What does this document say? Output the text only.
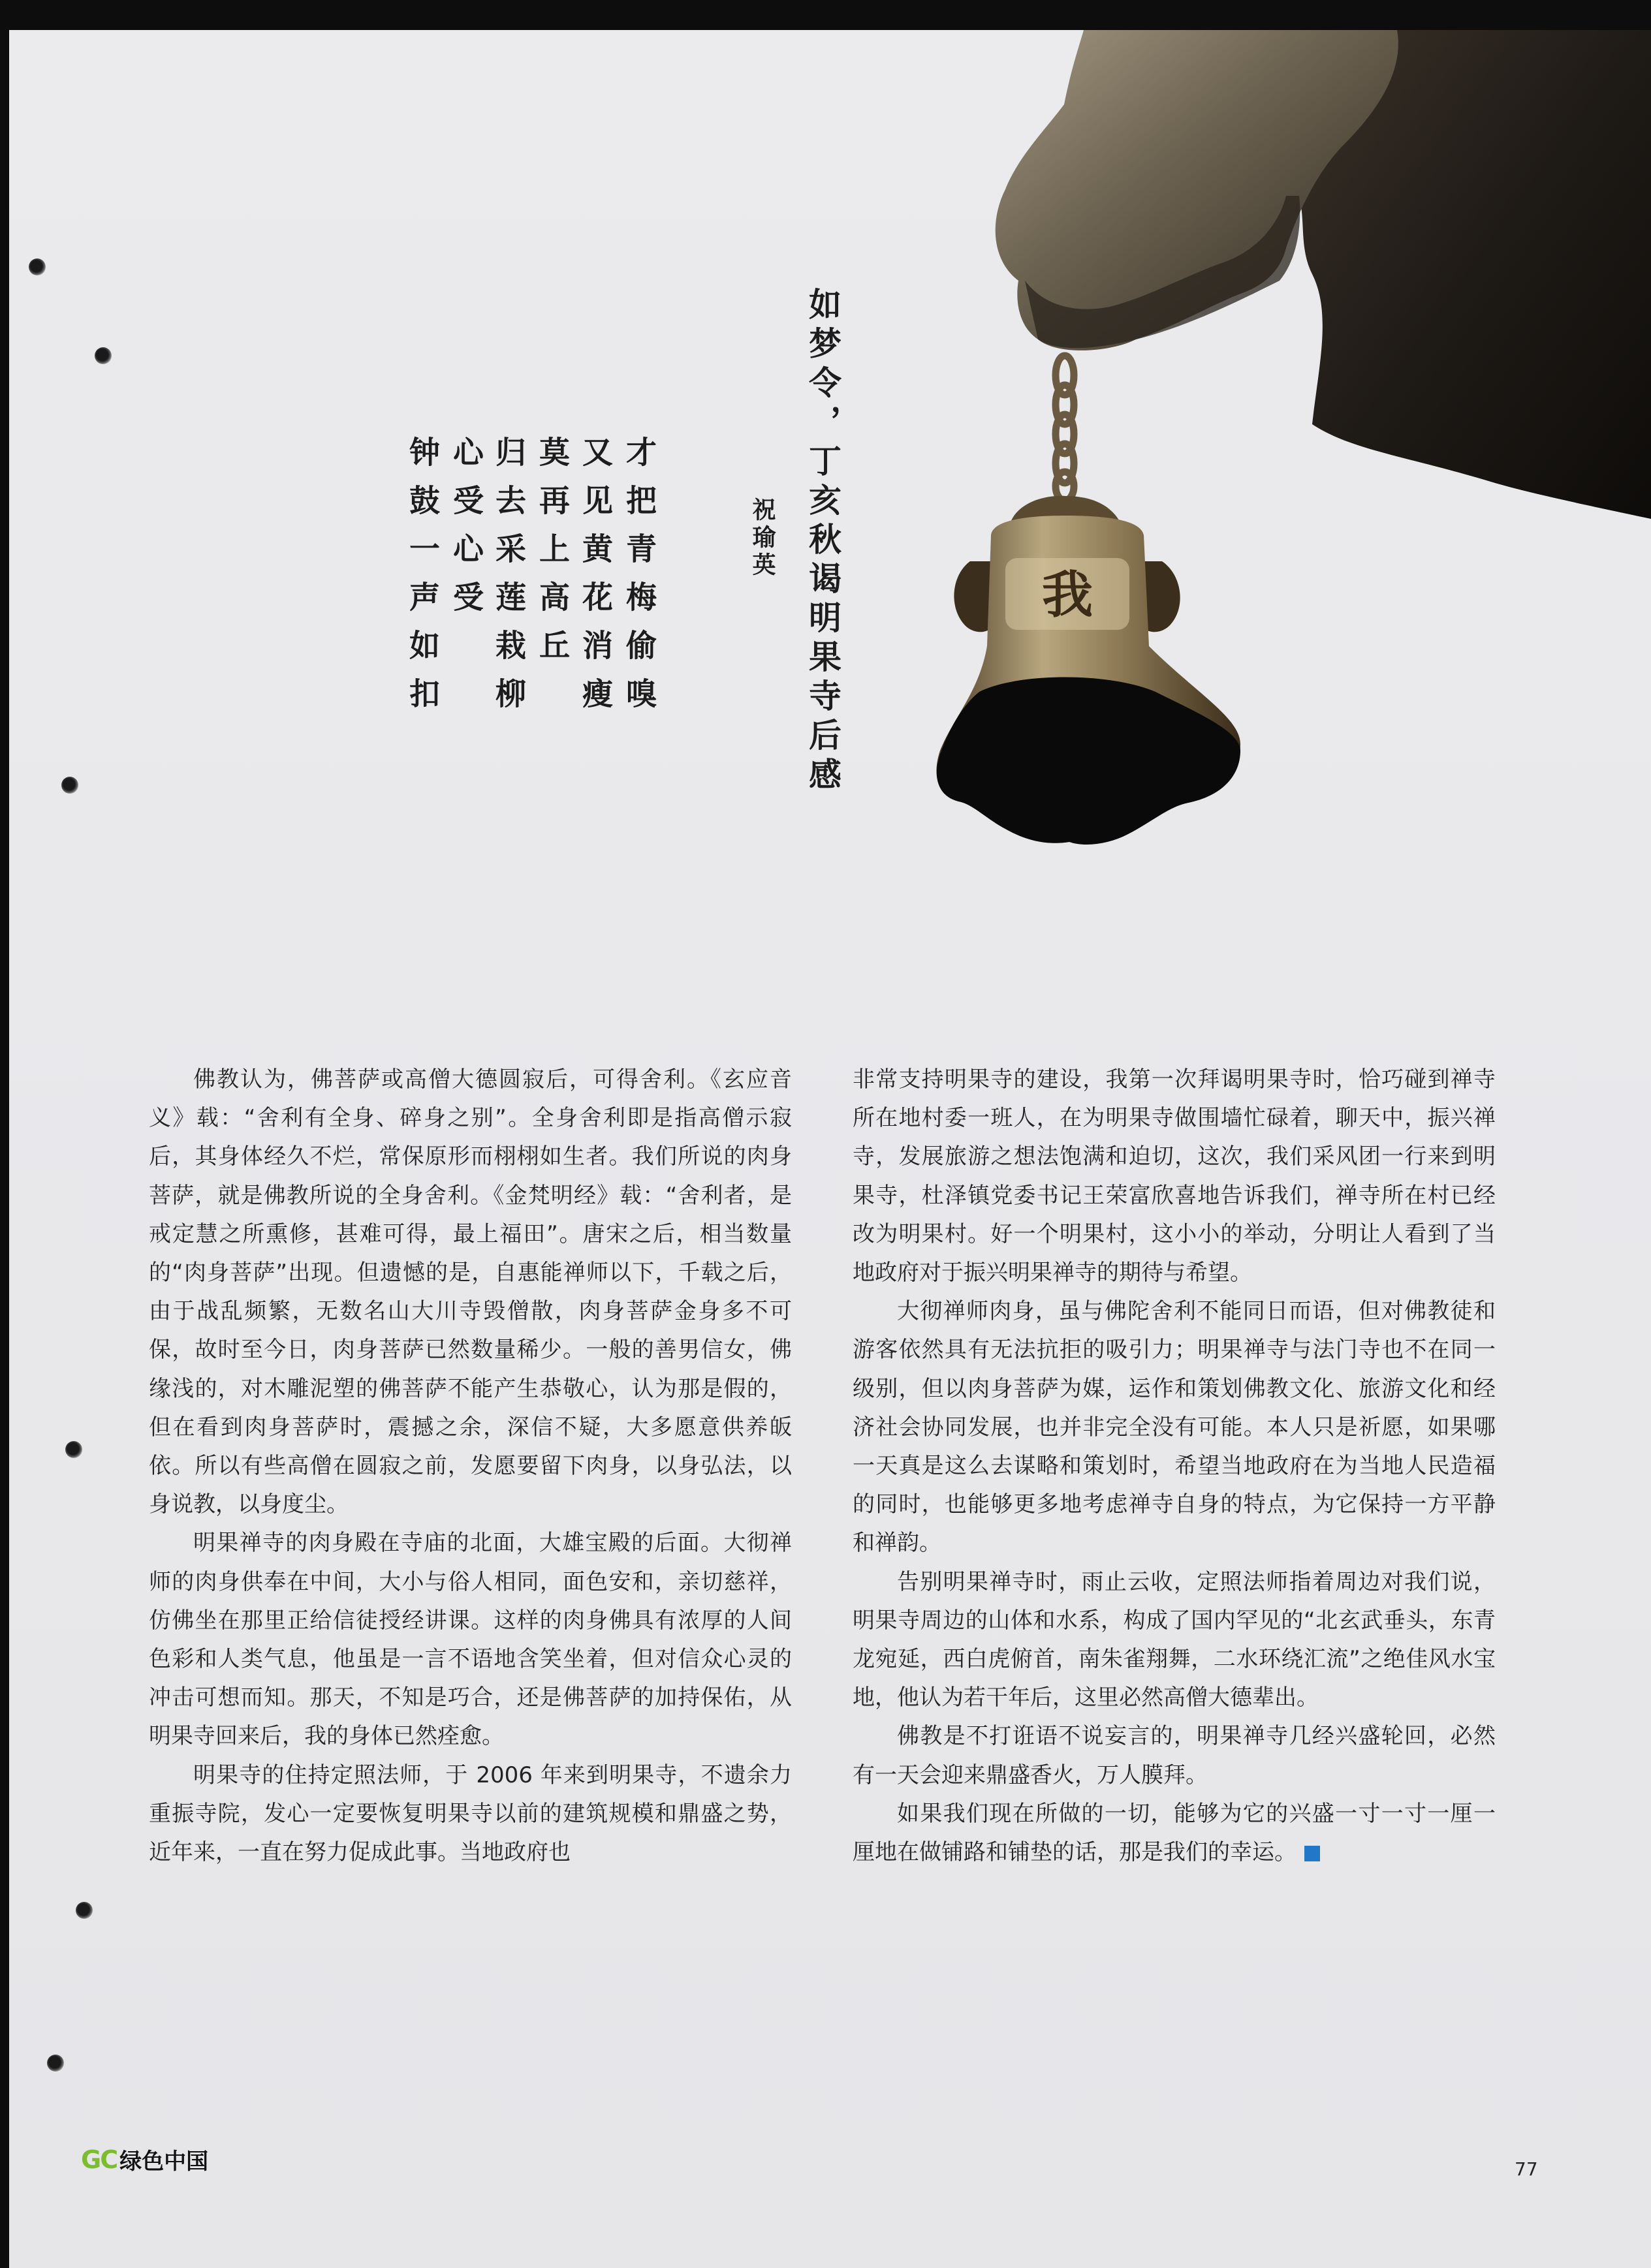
我
如梦令，丁亥秋谒明果寺后感
祝瑜英
才把青梅偷嗅
又见黄花消瘦
莫再上高丘
归去采莲栽柳
心受心受
钟鼓一声如扣

佛教认为，佛菩萨或高僧大德圆寂后，可得舍利。《玄应音义》载：“舍利有全身、碎身之别”。全身舍利即是指高僧示寂后，其身体经久不烂，常保原形而栩栩如生者。我们所说的肉身菩萨，就是佛教所说的全身舍利。《金梵明经》载：“舍利者，是戒定慧之所熏修，甚难可得，最上福田”。唐宋之后，相当数量的“肉身菩萨”出现。但遗憾的是，自惠能禅师以下，千载之后，由于战乱频繁，无数名山大川寺毁僧散，肉身菩萨金身多不可保，故时至今日，肉身菩萨已然数量稀少。一般的善男信女，佛缘浅的，对木雕泥塑的佛菩萨不能产生恭敬心，认为那是假的，但在看到肉身菩萨时，震撼之余，深信不疑，大多愿意供养皈依。所以有些高僧在圆寂之前，发愿要留下肉身，以身弘法，以身说教，以身度尘。

明果禅寺的肉身殿在寺庙的北面，大雄宝殿的后面。大彻禅师的肉身供奉在中间，大小与俗人相同，面色安和，亲切慈祥，仿佛坐在那里正给信徒授经讲课。这样的肉身佛具有浓厚的人间色彩和人类气息，他虽是一言不语地含笑坐着，但对信众心灵的冲击可想而知。那天，不知是巧合，还是佛菩萨的加持保佑，从明果寺回来后，我的身体已然痊愈。

明果寺的住持定照法师，于 2006 年来到明果寺，不遗余力重振寺院，发心一定要恢复明果寺以前的建筑规模和鼎盛之势，近年来，一直在努力促成此事。当地政府也

非常支持明果寺的建设，我第一次拜谒明果寺时，恰巧碰到禅寺所在地村委一班人，在为明果寺做围墙忙碌着，聊天中，振兴禅寺，发展旅游之想法饱满和迫切，这次，我们采风团一行来到明果寺，杜泽镇党委书记王荣富欣喜地告诉我们，禅寺所在村已经改为明果村。好一个明果村，这小小的举动，分明让人看到了当地政府对于振兴明果禅寺的期待与希望。

大彻禅师肉身，虽与佛陀舍利不能同日而语，但对佛教徒和游客依然具有无法抗拒的吸引力；明果禅寺与法门寺也不在同一级别，但以肉身菩萨为媒，运作和策划佛教文化、旅游文化和经济社会协同发展，也并非完全没有可能。本人只是祈愿，如果哪一天真是这么去谋略和策划时，希望当地政府在为当地人民造福的同时，也能够更多地考虑禅寺自身的特点，为它保持一方平静和禅韵。

告别明果禅寺时，雨止云收，定照法师指着周边对我们说，明果寺周边的山体和水系，构成了国内罕见的“北玄武垂头，东青龙宛延，西白虎俯首，南朱雀翔舞，二水环绕汇流”之绝佳风水宝地，他认为若干年后，这里必然高僧大德辈出。

佛教是不打诳语不说妄言的，明果禅寺几经兴盛轮回，必然有一天会迎来鼎盛香火，万人膜拜。

如果我们现在所做的一切，能够为它的兴盛一寸一寸一厘一厘地在做铺路和铺垫的话，那是我们的幸运。

GC 绿色中国	77
